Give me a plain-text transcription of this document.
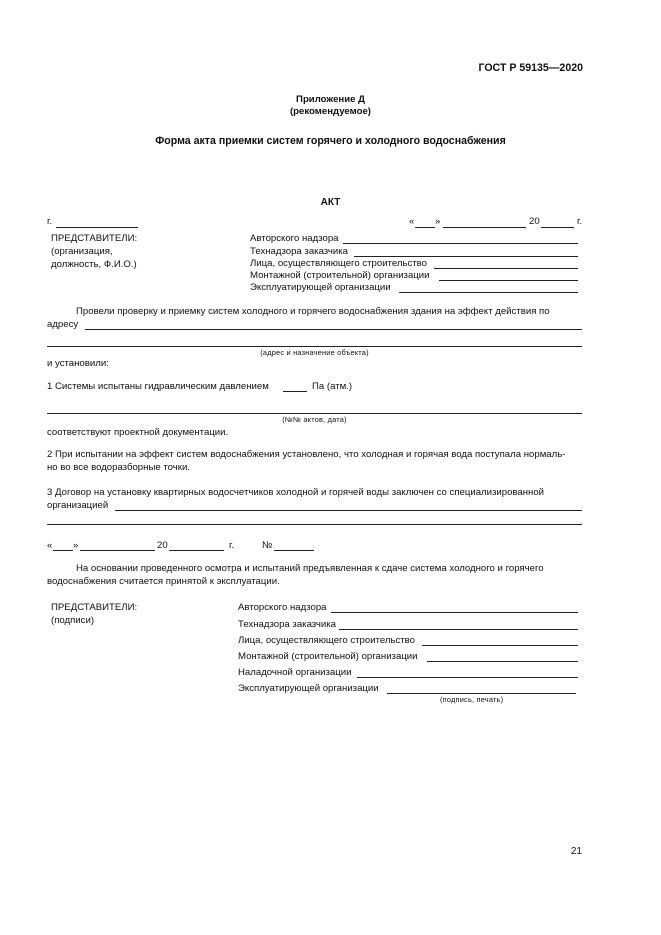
ГОСТ Р 59135—2020
Приложение Д
(рекомендуемое)
Форма акта приемки систем горячего и холодного водоснабжения
АКТ
г.	« »	20	г.
ПРЕДСТАВИТЕЛИ:
(организация,
должность, Ф.И.О.)
Авторского надзора
Технадзора заказчика
Лица, осуществляющего строительство
Монтажной (строительной) организации
Эксплуатирующей организации
Провели проверку и приемку систем холодного и горячего водоснабжения здания на эффект действия по
адресу
(адрес и назначение объекта)
и установили:
1 Системы испытаны гидравлическим давлением	Па (атм.)
(№№ актов, дата)
соответствуют проектной документации.
2 При испытании на эффект систем водоснабжения установлено, что холодная и горячая вода поступала нормаль-
но во все водоразборные точки.
3 Договор на установку квартирных водосчетчиков холодной и горячей воды заключен со специализированной
организацией
« »	20	г.	№
На основании проведенного осмотра и испытаний предъявленная к сдаче система холодного и горячего
водоснабжения считается принятой к эксплуатации.
ПРЕДСТАВИТЕЛИ:
(подписи)
Авторского надзора
Технадзора заказчика
Лица, осуществляющего строительство
Монтажной (строительной) организации
Наладочной организации
Эксплуатирующей организации
(подпись, печать)
21
